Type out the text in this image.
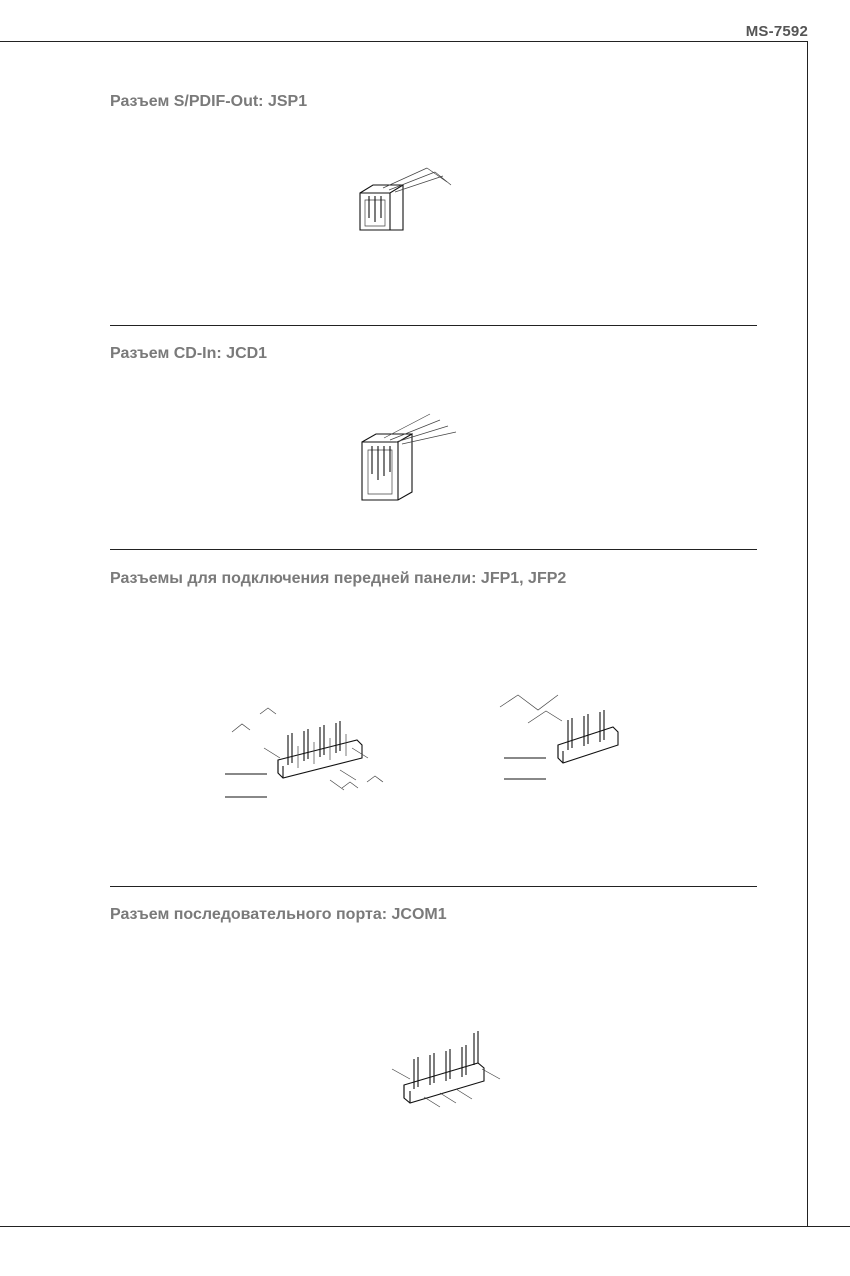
MS-7592
Разъем S/PDIF-Out: JSP1
Разъем CD-In: JCD1
Разъемы для подключения передней панели: JFP1, JFP2
Разъем последовательного порта: JCOM1
